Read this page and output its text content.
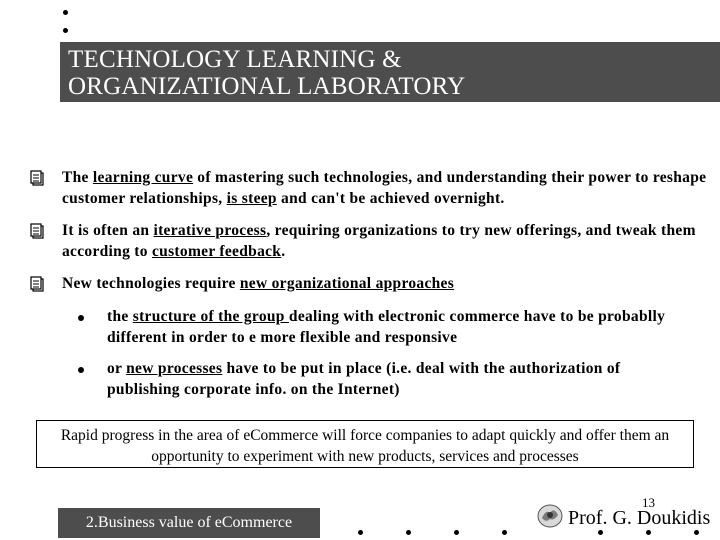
TECHNOLOGY LEARNING &
ORGANIZATIONAL LABORATORY
The learning curve of mastering such technologies, and understanding their power to reshape customer relationships, is steep and can't be achieved overnight.
It is often an iterative process, requiring organizations to try new offerings, and tweak them according to customer feedback.
New technologies require new organizational approaches
the structure of the group dealing with electronic commerce have to be probablly different in order to e more flexible and responsive
or new processes have to be put in place (i.e. deal with the authorization of publishing corporate info. on the Internet)
Rapid progress in the area of eCommerce will force companies to adapt quickly and offer them an opportunity to experiment with new products, services and processes
13
2.Business value of eCommerce	Prof. G. Doukidis
